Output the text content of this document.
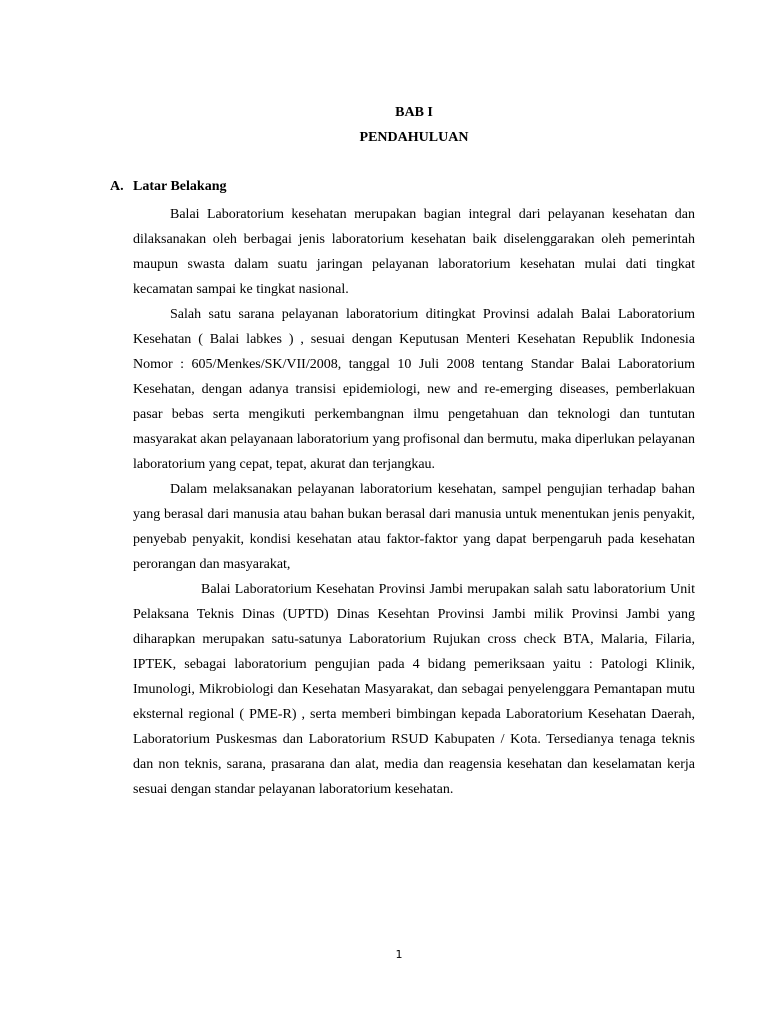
BAB I
PENDAHULUAN
A. Latar Belakang

Balai Laboratorium kesehatan merupakan bagian integral dari pelayanan kesehatan dan dilaksanakan oleh berbagai jenis laboratorium kesehatan baik diselenggarakan oleh pemerintah maupun swasta dalam suatu jaringan pelayanan laboratorium kesehatan mulai dati tingkat kecamatan sampai ke tingkat nasional.

Salah satu sarana pelayanan laboratorium ditingkat Provinsi adalah Balai Laboratorium Kesehatan ( Balai labkes ) , sesuai dengan Keputusan Menteri Kesehatan Republik Indonesia Nomor : 605/Menkes/SK/VII/2008, tanggal 10 Juli 2008 tentang Standar Balai Laboratorium Kesehatan, dengan adanya transisi epidemiologi, new and re-emerging diseases, pemberlakuan pasar bebas serta mengikuti perkembangnan ilmu pengetahuan dan teknologi dan tuntutan masyarakat akan pelayanaan laboratorium yang profisonal dan bermutu, maka diperlukan pelayanan laboratorium yang cepat, tepat, akurat dan terjangkau.

Dalam melaksanakan pelayanan laboratorium kesehatan, sampel pengujian terhadap bahan yang berasal dari manusia atau bahan bukan berasal dari manusia untuk menentukan jenis penyakit, penyebab penyakit, kondisi kesehatan atau faktor-faktor yang dapat berpengaruh pada kesehatan perorangan dan masyarakat,

Balai Laboratorium Kesehatan Provinsi Jambi merupakan salah satu laboratorium Unit Pelaksana Teknis Dinas (UPTD) Dinas Kesehtan Provinsi Jambi milik Provinsi Jambi yang diharapkan merupakan satu-satunya Laboratorium Rujukan cross check BTA, Malaria, Filaria, IPTEK, sebagai laboratorium pengujian pada 4 bidang pemeriksaan yaitu : Patologi Klinik, Imunologi, Mikrobiologi dan Kesehatan Masyarakat, dan sebagai penyelenggara Pemantapan mutu eksternal regional ( PME-R) , serta memberi bimbingan kepada Laboratorium Kesehatan Daerah, Laboratorium Puskesmas dan Laboratorium RSUD Kabupaten / Kota. Tersedianya tenaga teknis dan non teknis, sarana, prasarana dan alat, media dan reagensia kesehatan dan keselamatan kerja sesuai dengan standar pelayanan laboratorium kesehatan.

1
